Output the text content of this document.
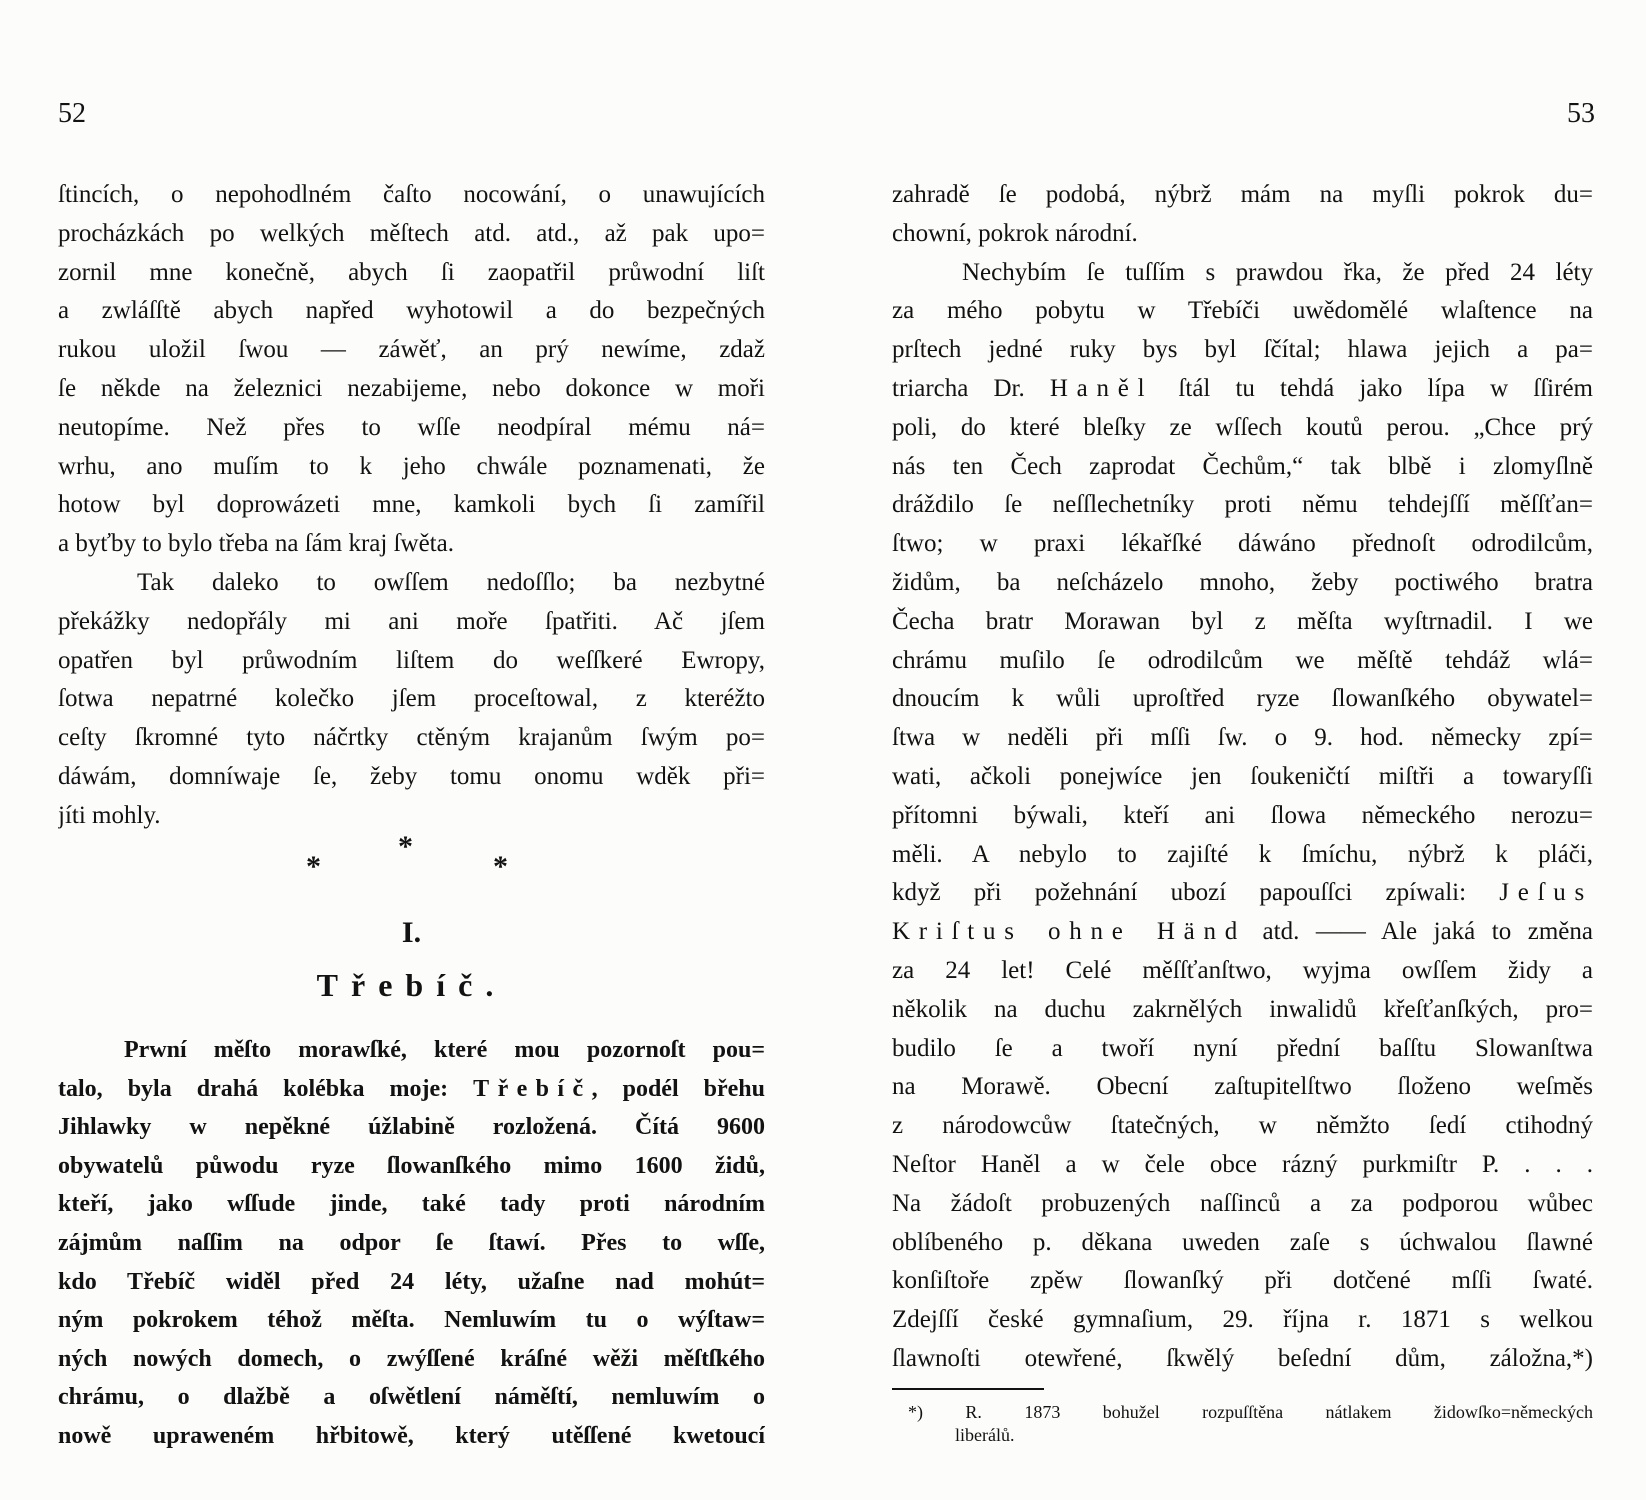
52	53
ſtincích, o nepohodlném čaſto nocowání, o unawujících
procházkách po welkých měſtech atd. atd., až pak upo=
zornil mne konečně, abych ſi zaopatřil průwodní liſt
a zwláſſtě abych napřed wyhotowil a do bezpečných
rukou uložil ſwou — záwěť, an prý newíme, zdaž
ſe někde na železnici nezabijeme, nebo dokonce w moři
neutopíme. Než přes to wſſe neodpíral mému ná=
wrhu, ano muſím to k jeho chwále poznamenati, že
hotow byl doprowázeti mne, kamkoli bych ſi zamířil
a byťby to bylo třeba na ſám kraj ſwěta.
Tak daleko to owſſem nedoſſlo; ba nezbytné
překážky nedopřály mi ani moře ſpatřiti. Ač jſem
opatřen byl průwodním liſtem do weſſkeré Ewropy,
ſotwa nepatrné kolečko jſem proceſtowal, z kteréžto
ceſty ſkromné tyto náčrtky ctěným krajanům ſwým po=
dáwám, domníwaje ſe, žeby tomu onomu wděk při=
jíti mohly.
*
*
*
I.
Třebíč.
Prwní měſto morawſké, které mou pozornoſt pou=
talo, byla drahá kolébka moje: Třebíč, podél břehu
Jihlawky w nepěkné úžlabině rozložená. Čítá 9600
obywatelů půwodu ryze ſlowanſkého mimo 1600 židů,
kteří, jako wſſude jinde, také tady proti národním
zájmům naſſim na odpor ſe ſtawí. Přes to wſſe,
kdo Třebíč widěl před 24 léty, užaſne nad mohút=
ným pokrokem téhož měſta. Nemluwím tu o wýſtaw=
ných nowých domech, o zwýſſené kráſné wěži měſtſkého
chrámu, o dlažbě a oſwětlení náměſtí, nemluwím o
nowě upraweném hřbitowě, který utěſſené kwetoucí
zahradě ſe podobá, nýbrž mám na myſli pokrok du=
chowní, pokrok národní.
Nechybím ſe tuſſím s prawdou řka, že před 24 léty
za mého pobytu w Třebíči uwědomělé wlaſtence na
prſtech jedné ruky bys byl ſčítal; hlawa jejich a pa=
triarcha Dr. Haněl ſtál tu tehdá jako lípa w ſſirém
poli, do které bleſky ze wſſech koutů perou. „Chce prý
nás ten Čech zaprodat Čechům,“ tak blbě i zlomyſlně
dráždilo ſe neſſlechetníky proti němu tehdejſſí měſſťan=
ſtwo; w praxi lékařſké dáwáno přednoſt odrodilcům,
židům, ba neſcházelo mnoho, žeby poctiwého bratra
Čecha bratr Morawan byl z měſta wyſtrnadil. I we
chrámu muſilo ſe odrodilcům we měſtě tehdáž wlá=
dnoucím k wůli uproſtřed ryze ſlowanſkého obywatel=
ſtwa w neděli při mſſi ſw. o 9. hod. německy zpí=
wati, ačkoli ponejwíce jen ſoukeničtí miſtři a towaryſſi
přítomni býwali, kteří ani ſlowa německého nerozu=
měli. A nebylo to zajiſté k ſmíchu, nýbrž k pláči,
když při požehnání ubozí papouſſci zpíwali: Jeſus
Kriſtus ohne Händ atd. —— Ale jaká to změna
za 24 let! Celé měſſťanſtwo, wyjma owſſem židy a
několik na duchu zakrnělých inwalidů křeſťanſkých, pro=
budilo ſe a twoří nyní přední baſſtu Slowanſtwa
na Morawě. Obecní zaſtupitelſtwo ſloženo weſměs
z národowcůw ſtatečných, w němžto ſedí ctihodný
Neſtor Haněl a w čele obce rázný purkmiſtr P. . . .
Na žádoſt probuzených naſſinců a za podporou wůbec
oblíbeného p. děkana uweden zaſe s úchwalou ſlawné
konſiſtoře zpěw ſlowanſký při dotčené mſſi ſwaté.
Zdejſſí české gymnaſium, 29. října r. 1871 s welkou
ſlawnoſti otewřené, ſkwělý beſední dům, záložna,*)
*) R. 1873 bohužel rozpuſſtěna nátlakem židowſko=německých
liberálů.
